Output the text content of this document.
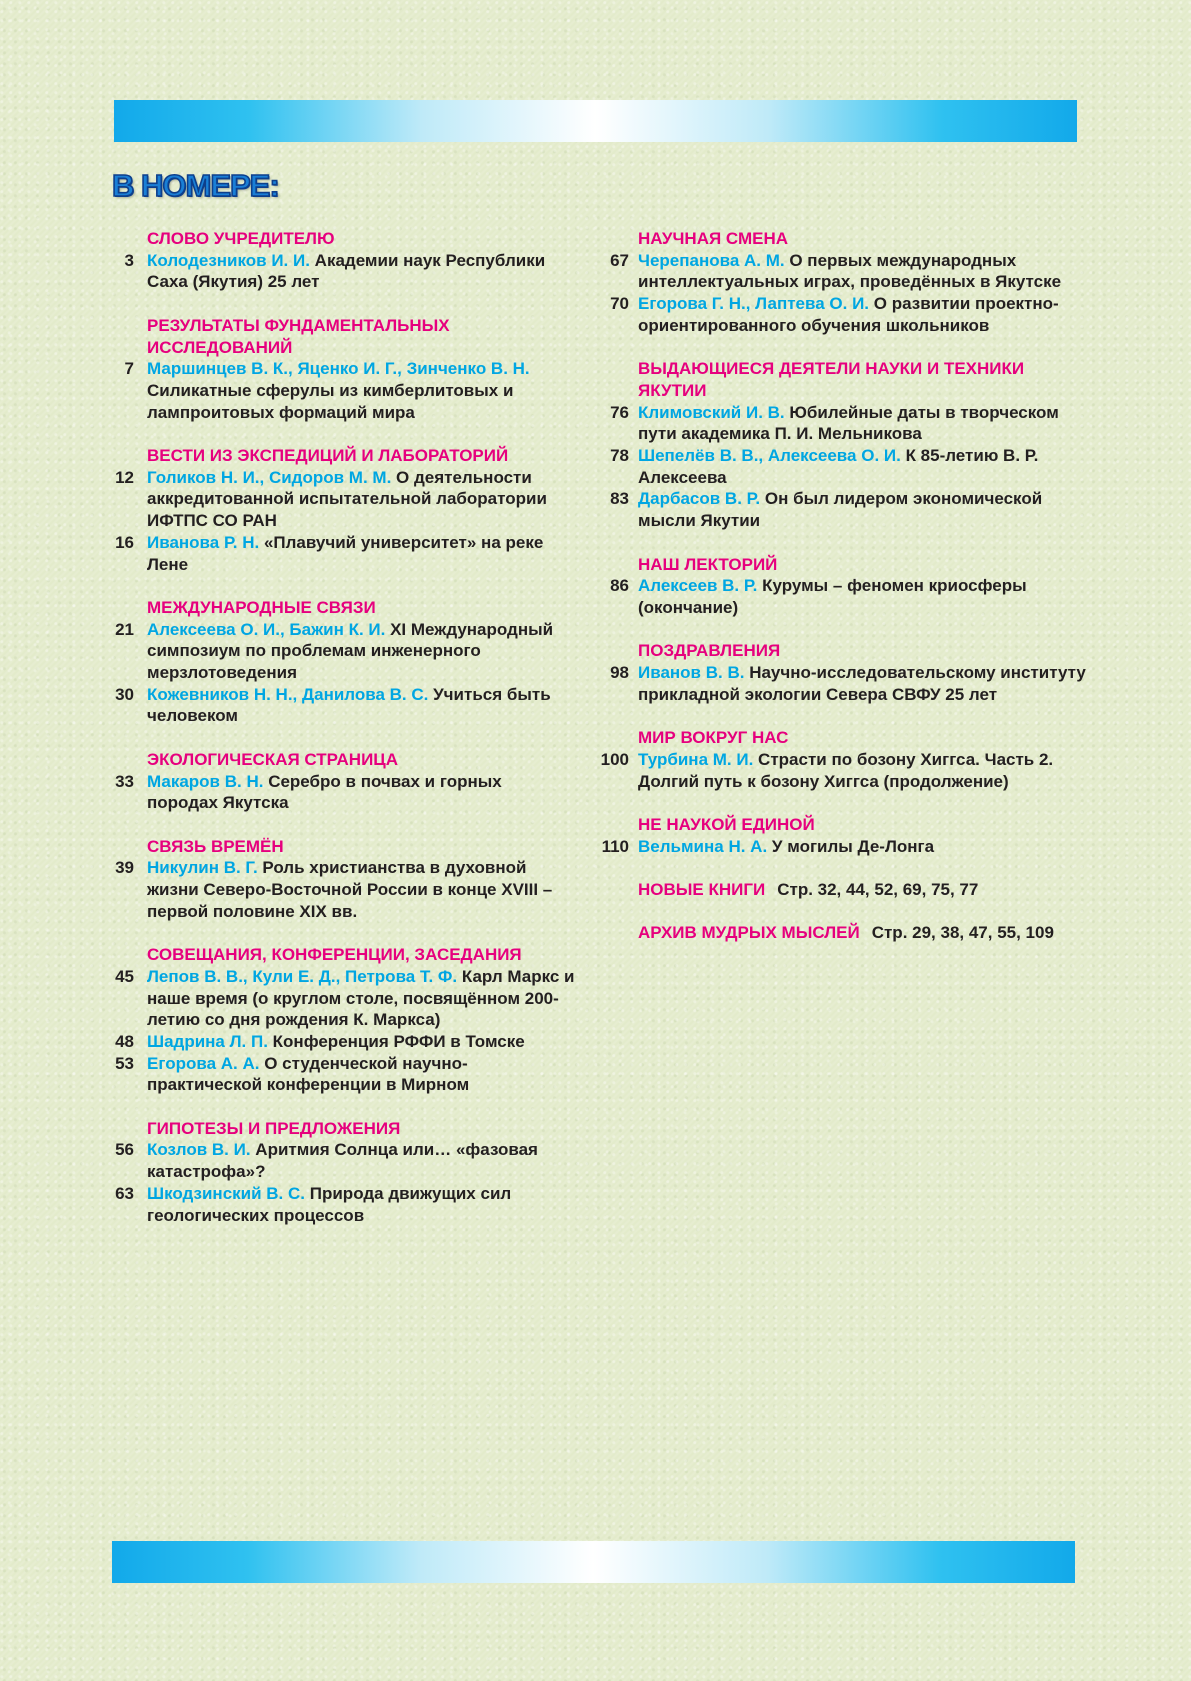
В НОМЕРЕ:
СЛОВО УЧРЕДИТЕЛЮ
3 Колодезников И. И. Академии наук Республики Саха (Якутия) 25 лет
РЕЗУЛЬТАТЫ ФУНДАМЕНТАЛЬНЫХ ИССЛЕДОВАНИЙ
7 Маршинцев В. К., Яценко И. Г., Зинченко В. Н. Силикатные сферулы из кимберлитовых и лампроитовых формаций мира
ВЕСТИ ИЗ ЭКСПЕДИЦИЙ И ЛАБОРАТОРИЙ
12 Голиков Н. И., Сидоров М. М. О деятельности аккредитованной испытательной лаборатории ИФТПС СО РАН
16 Иванова Р. Н. «Плавучий университет» на реке Лене
МЕЖДУНАРОДНЫЕ СВЯЗИ
21 Алексеева О. И., Бажин К. И. XI Международный симпозиум по проблемам инженерного мерзлотоведения
30 Кожевников Н. Н., Данилова В. С. Учиться быть человеком
ЭКОЛОГИЧЕСКАЯ СТРАНИЦА
33 Макаров В. Н. Серебро в почвах и горных породах Якутска
СВЯЗЬ ВРЕМЁН
39 Никулин В. Г. Роль христианства в духовной жизни Северо-Восточной России в конце XVIII – первой половине XIX вв.
СОВЕЩАНИЯ, КОНФЕРЕНЦИИ, ЗАСЕДАНИЯ
45 Лепов В. В., Кули Е. Д., Петрова Т. Ф. Карл Маркс и наше время (о круглом столе, посвящённом 200-летию со дня рождения К. Маркса)
48 Шадрина Л. П. Конференция РФФИ в Томске
53 Егорова А. А. О студенческой научно-практической конференции в Мирном
ГИПОТЕЗЫ И ПРЕДЛОЖЕНИЯ
56 Козлов В. И. Аритмия Солнца или… «фазовая катастрофа»?
63 Шкодзинский В. С. Природа движущих сил геологических процессов
НАУЧНАЯ СМЕНА
67 Черепанова А. М. О первых международных интеллектуальных играх, проведённых в Якутске
70 Егорова Г. Н., Лаптева О. И. О развитии проектно-ориентированного обучения школьников
ВЫДАЮЩИЕСЯ ДЕЯТЕЛИ НАУКИ И ТЕХНИКИ ЯКУТИИ
76 Климовский И. В. Юбилейные даты в творческом пути академика П. И. Мельникова
78 Шепелёв В. В., Алексеева О. И. К 85-летию В. Р. Алексеева
83 Дарбасов В. Р. Он был лидером экономической мысли Якутии
НАШ ЛЕКТОРИЙ
86 Алексеев В. Р. Курумы – феномен криосферы (окончание)
ПОЗДРАВЛЕНИЯ
98 Иванов В. В. Научно-исследовательскому институту прикладной экологии Севера СВФУ 25 лет
МИР ВОКРУГ НАС
100 Турбина М. И. Страсти по бозону Хиггса. Часть 2. Долгий путь к бозону Хиггса (продолжение)
НЕ НАУКОЙ ЕДИНОЙ
110 Вельмина Н. А. У могилы Де-Лонга
НОВЫЕ КНИГИ Стр. 32, 44, 52, 69, 75, 77
АРХИВ МУДРЫХ МЫСЛЕЙ Стр. 29, 38, 47, 55, 109
